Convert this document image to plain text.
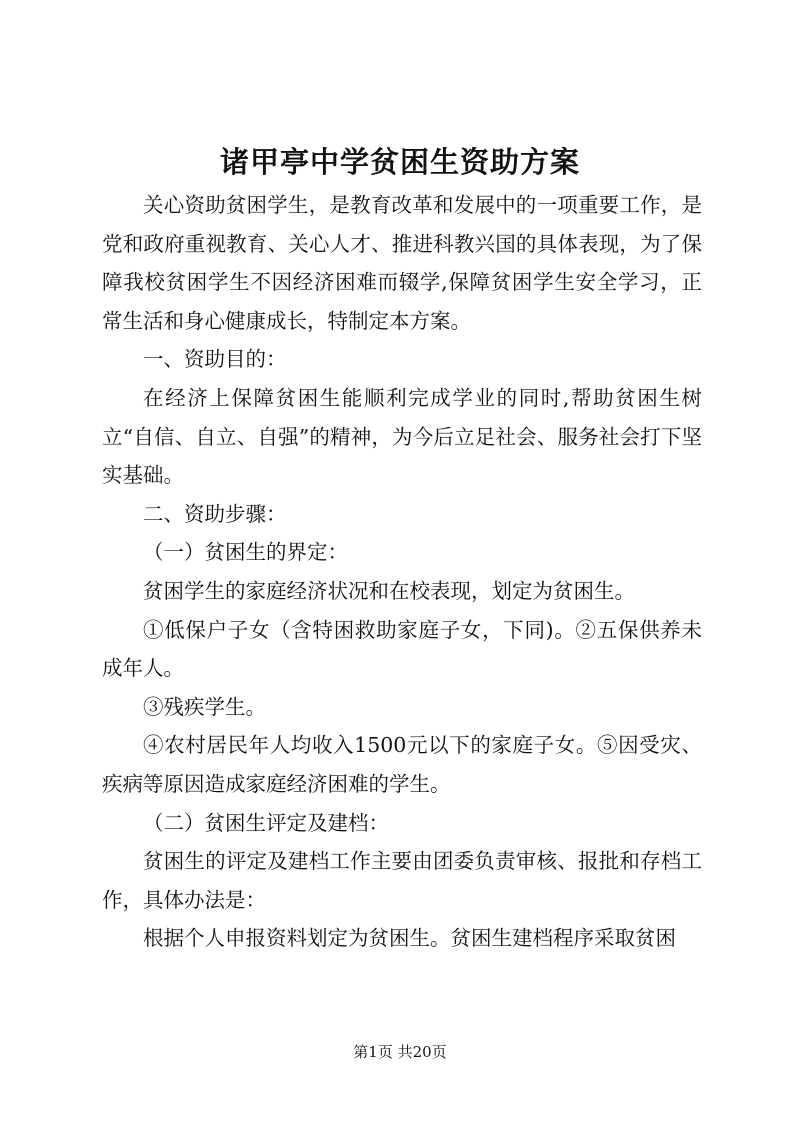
诸甲亭中学贫困生资助方案

关心资助贫困学生，是教育改革和发展中的一项重要工作，是党和政府重视教育、关心人才、推进科教兴国的具体表现，为了保障我校贫困学生不因经济困难而辍学,保障贫困学生安全学习，正常生活和身心健康成长，特制定本方案。

一、资助目的：

在经济上保障贫困生能顺利完成学业的同时,帮助贫困生树立“自信、自立、自强”的精神，为今后立足社会、服务社会打下坚实基础。

二、资助步骤：

（一）贫困生的界定：

贫困学生的家庭经济状况和在校表现，划定为贫困生。

①低保户子女（含特困救助家庭子女，下同)。②五保供养未成年人。

③残疾学生。

④农村居民年人均收入1500元以下的家庭子女。⑤因受灾、疾病等原因造成家庭经济困难的学生。

（二）贫困生评定及建档：

贫困生的评定及建档工作主要由团委负责审核、报批和存档工作，具体办法是：

根据个人申报资料划定为贫困生。贫困生建档程序采取贫困

第1页 共20页
